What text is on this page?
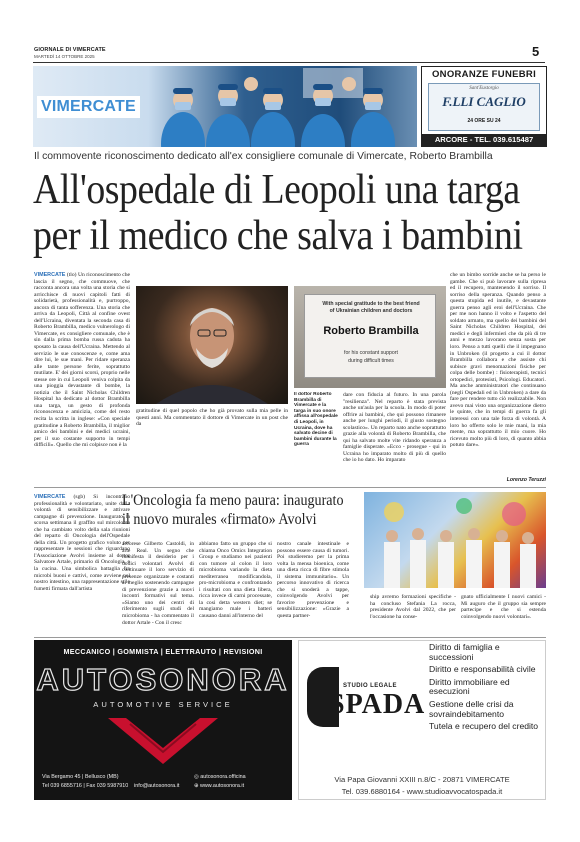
GIORNALE DI VIMERCATE
MARTEDÌ 14 OTTOBRE 2025	5
VIMERCATE
ONORANZE FUNEBRI
Sant'Eustorgio
F.LLI CAGLIO
24 ORE SU 24
ARCORE - TEL. 039.615487
Il commovente riconoscimento dedicato all'ex consigliere comunale di Vimercate, Roberto Brambilla
All'ospedale di Leopoli una targa
per il medico che salva i bambini
VIMERCATE (tlo) Un riconoscimento che lascia il segno, che commuove, che racconta ancora una volta una storia che si arricchisce di nuovi capitoli fatti di solidarietà, professionalità e, purtroppo, ancora di tanta sofferenza. Una storia che arriva da Leopoli, Città al confine ovest dell'Ucraina, diventata la seconda casa di Roberto Brambilla, medico vulnerologo di Vimercate, ex consigliere comunale, che è sin dalla prima bomba russa caduta ha sposato la causa dell'Ucraina. Mettendo al servizio le sue conoscenze e, come ama dire lui, le sue mani. Per ridare speranza alle tante persone ferite, soprattutto mutilate. E' dei giorni scorsi, proprio nelle stesse ore in cui Leopoli veniva colpita da una pioggia devastante di bombe, la notizia che il Saint Nicholas Children Hospital ha dedicato al dottor Brambilla una targa, un gesto di profonda riconoscenza e amicizia, come del resto recita la scritta in inglese: «Con speciale gratitudine a Roberto Brambilla, il miglior amico dei bambini e dei medici ucraini, per il suo costante supporto in tempi difficili». Quello che mi colpisce non è la
gratitudine di quel popolo che ho già provato sulla mia pelle in questi anni. Ma commentato il dottore di Vimercate in un post che da
With special gratitude to the best friend
of Ukrainian children and doctors
Roberto Brambilla
for his constant support
during difficult times
Il dottor Roberto Brambilla di Vimercate e la targa in suo onore affissa all'ospedale di Leopoli, in Ucraina, dove ha salvato decine di bambini durante la guerra
dare con fiducia al futuro. In una parola "resilienza". Nel reparto è stata prevista anche un'aula per la scuola. In modo di poter offrire ai bambini, che qui possono rimanere anche per lunghi periodi, il giusto sostegno scolastico». Un reparto nato anche soprattutto grazie alla volontà di Roberto Brambilla, che qui ha salvato molte vite ridando speranza a famiglie disperate. «Ecco - prosegue - qui in Ucraina ho imparato molto di più di quello che io ho dato. Ho imparato
che un bimbo sorride anche se ha perso le gambe. Che si può lavorare sulla ripresa ed il recupero, mantenendo il sorriso. Il sorriso della speranza. Quando penso a questa stupida ed inutile, e devastante guerra penso agli eroi dell'Ucraina. Che per me non hanno il volto e l'aspetto del soldato armato, ma quello dei bambini del Saint Nicholas Children Hospital, dei medici e degli infermieri che da più di tre anni e mezzo lavorano senza sosta per loro. Penso a tutti quelli che il impegnano in Unbroken (il progetto a cui il dottor Brambilla collabora e che assiste chi subisce gravi menomazioni fisiche per colpa delle bombe) : fisioterapisti, tecnici ortopedici, protesisti, Psicologi. Educatori. Ma anche amministratori che continuano (negli Ospedali ed in Unbroken) a dare da fare per rendere tutto ciò realizzabile. Non avevo mai visto una organizzazione dietro le quinte, che in tempi di guerra fa gli interessi con una tale forza di volontà. A loro ho offerto solo le mie mani, la mia mente, ma soprattutto il mio cuore. Ho ricevuto molto più di loro, di quanto abbia potuto dare».
Lorenzo Teruzzi
VIMERCATE (sgb) Si incontrano professionalità e volontariato, unite dalla volontà di sensibilizzare e attivare campagne di prevenzione. Inaugurato la scorsa settimana il graffito sul mircoloma che ha cambiato volto della sala riunioni del reparto di Oncologia dell'Ospedale della città. Un progetto grafico voluto per rappresentare le sessioni che riguardano l'Associazione Avolvi insieme al dottor Salvatore Artale, primario di Oncologia, e la cucina. Una simbolica battaglia fra microbi buoni e cattivi, come avviene nel nostro intestino, una rappresentazione stile fumetti firmata dall'artista
L'Oncologia fa meno paura: inaugurato
il nuovo murales «firmato» Avolvi
arcorese Gilberto Castoldi, in arte Real. Un segno che manifesta il desiderio per i dodici volontari Avolvi di continuare il loro servizio di presenze organizzate e costanti ai meglio sostenendo campagne di prevenzione grazie a nuovi incontri formativi sul tema. «Siamo uno dei centri di riferimento sugli studi del microbioma - ha commentato il dottor Artale - Con il cresc
abbiamo fatto un gruppo che si chiama Onco Omics Integration Group e studiamo nei pazienti con tumore al colon il loro microbioma variando la dieta mediterranea modificandola, pro-microbioma e confrontando i risultati con una dieta libera, ricca invece di carni processate, la così detta western diet; se mangiamo male i batteri causano danni all'interno del
nostro canale intestinale e possono essere causa di tumori. Poi studieremo per la prima volta la mensa bioenica, come una dieta ricca di fibre stimola il sistema immunitario». Un percorso innovativo di ricerca che si snoderà a tappe, coinvolgendo Avolvi per favorire prevenzione e sensibilizzazione: «Grazie a questa partner-
ship avremo formazioni specifiche - ha concluso Stefania La rocca, presidente Avolvi dal 2022, che per l'occasione ha conse-
gnato ufficialmente I nuovi camici - Mi auguro che il gruppo sia sempre partecipe e che si estenda coinvolgendo nuovi volontari».
MECCANICO | GOMMISTA | ELETTRAUTO | REVISIONI
AUTOSONORA
AUTOMOTIVE SERVICE
Via Bergamo 45 | Bellusco (MB)
Tel 039 6855716 | Fax 039 5987910 info@autosonora.it
◎ autosonora.officina
⊕ www.autosonora.it
STUDIO LEGALE
SPADA
Diritto di famiglia e successioni
Diritto e responsabilità civile
Diritto immobiliare ed esecuzioni
Gestione delle crisi da sovraindebitamento
Tutela e recupero del credito
Via Papa Giovanni XXIII n.8/C - 20871 VIMERCATE
Tel. 039.6880164 - www.studioavvocatospada.it
